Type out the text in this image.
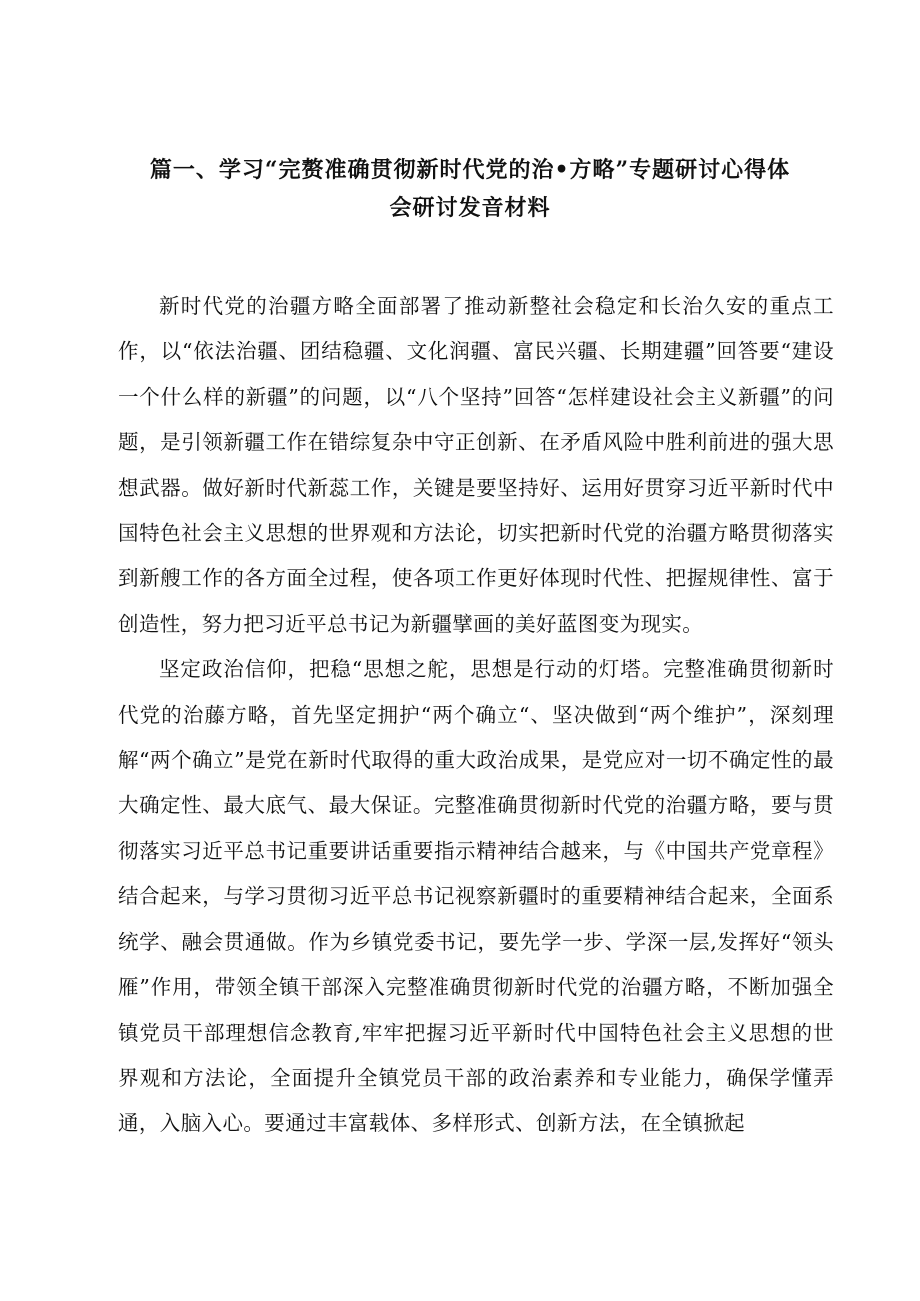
篇一、学习“完赘准确贯彻新时代党的治•方略”专题研讨心得体
会研讨发音材料

新时代党的治疆方略全面部署了推动新整社会稳定和长治久安的重点工作，以“依法治疆、团结稳疆、文化润疆、富民兴疆、长期建疆”回答要“建设一个什么样的新疆”的问题，以“八个坚持”回答“怎样建设社会主义新疆”的问题，是引领新疆工作在错综复杂中守正创新、在矛盾风险中胜利前进的强大思想武器。做好新时代新蕊工作，关键是要坚持好、运用好贯穿习近平新时代中国特色社会主义思想的世界观和方法论，切实把新时代党的治疆方略贯彻落实到新艘工作的各方面全过程，使各项工作更好体现时代性、把握规律性、富于创造性，努力把习近平总书记为新疆擘画的美好蓝图变为现实。

坚定政治信仰，把稳“思想之舵，思想是行动的灯塔。完整准确贯彻新时代党的治藤方略，首先坚定拥护“两个确立“、坚决做到“两个维护”，深刻理解“两个确立”是党在新时代取得的重大政治成果，是党应对一切不确定性的最大确定性、最大底气、最大保证。完整准确贯彻新时代党的治疆方略，要与贯彻落实习近平总书记重要讲话重要指示精神结合越来，与《中国共产党章程》结合起来，与学习贯彻习近平总书记视察新疆时的重要精神结合起来，全面系统学、融会贯通做。作为乡镇党委书记，要先学一步、学深一层,发挥好“领头雁”作用，带领全镇干部深入完整准确贯彻新时代党的治疆方略，不断加强全镇党员干部理想信念教育,牢牢把握习近平新时代中国特色社会主义思想的世界观和方法论，全面提升全镇党员干部的政治素养和专业能力，确保学懂弄通，入脑入心。要通过丰富载体、多样形式、创新方法，在全镇掀起
